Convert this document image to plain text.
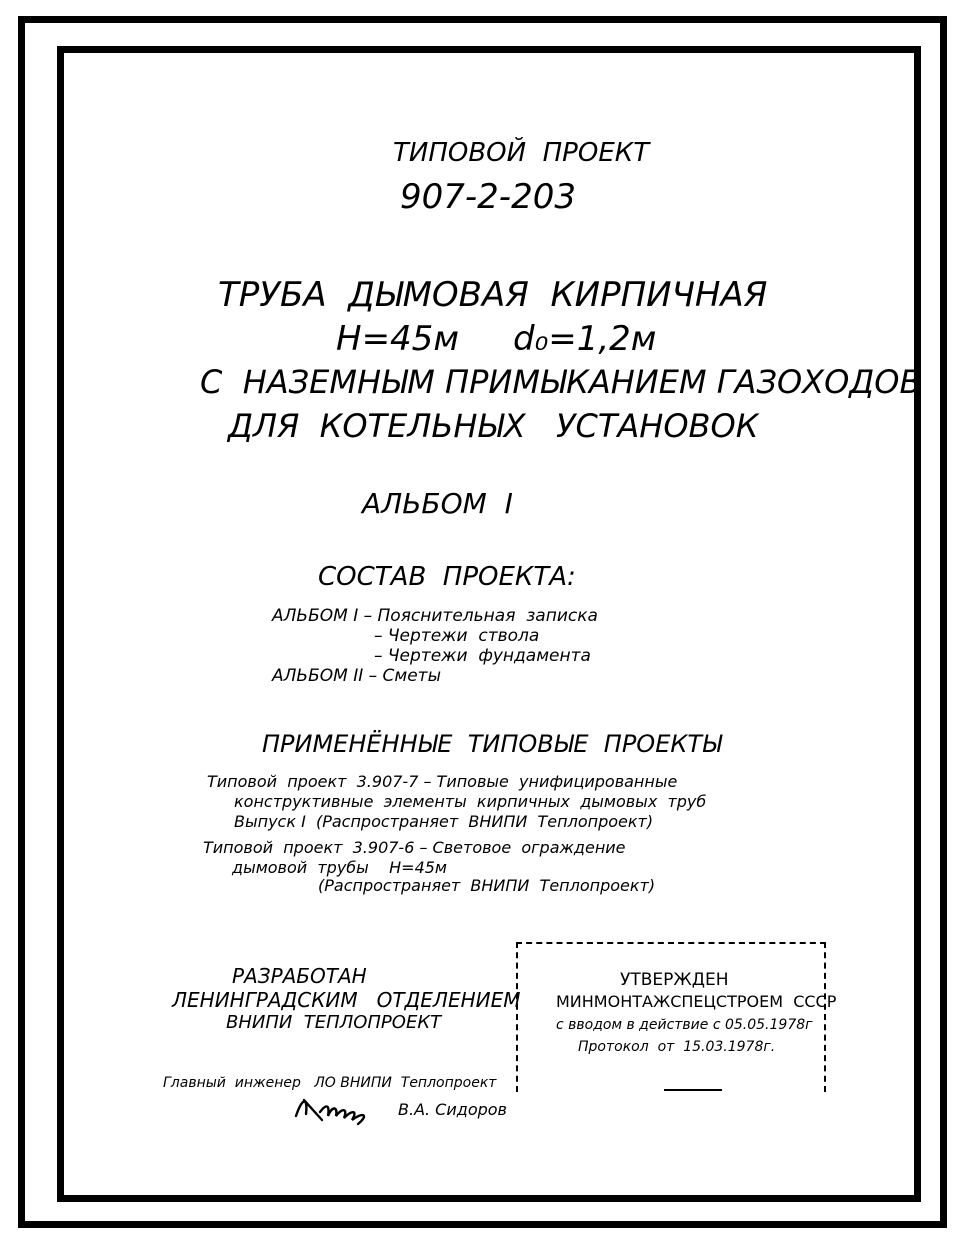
ТИПОВОЙ  ПРОЕКТ
907-2-203
ТРУБА  ДЫМОВАЯ  КИРПИЧНАЯ
Н=45м     d₀=1,2м
С  НАЗЕМНЫМ ПРИМЫКАНИЕМ ГАЗОХОДОВ
ДЛЯ  КОТЕЛЬНЫХ   УСТАНОВОК
АЛЬБОМ  I
СОСТАВ  ПРОЕКТА:
АЛЬБОМ I – Пояснительная  записка
– Чертежи  ствола
– Чертежи  фундамента
АЛЬБОМ II – Сметы
ПРИМЕНЁННЫЕ  ТИПОВЫЕ  ПРОЕКТЫ
Типовой  проект  3.907-7 – Типовые  унифицированные
конструктивные  элементы  кирпичных  дымовых  труб
Выпуск I  (Распространяет  ВНИПИ  Теплопроект)
Типовой  проект  3.907-6 – Световое  ограждение
дымовой  трубы    Н=45м
(Распространяет  ВНИПИ  Теплопроект)
РАЗРАБОТАН
ЛЕНИНГРАДСКИМ   ОТДЕЛЕНИЕМ
ВНИПИ  ТЕПЛОПРОЕКТ
УТВЕРЖДЕН
МИНМОНТАЖСПЕЦСТРОЕМ  СССР
с вводом в действие с 05.05.1978г
Протокол  от  15.03.1978г.
Главный  инженер   ЛО ВНИПИ  Теплопроект
В.А. Сидоров
